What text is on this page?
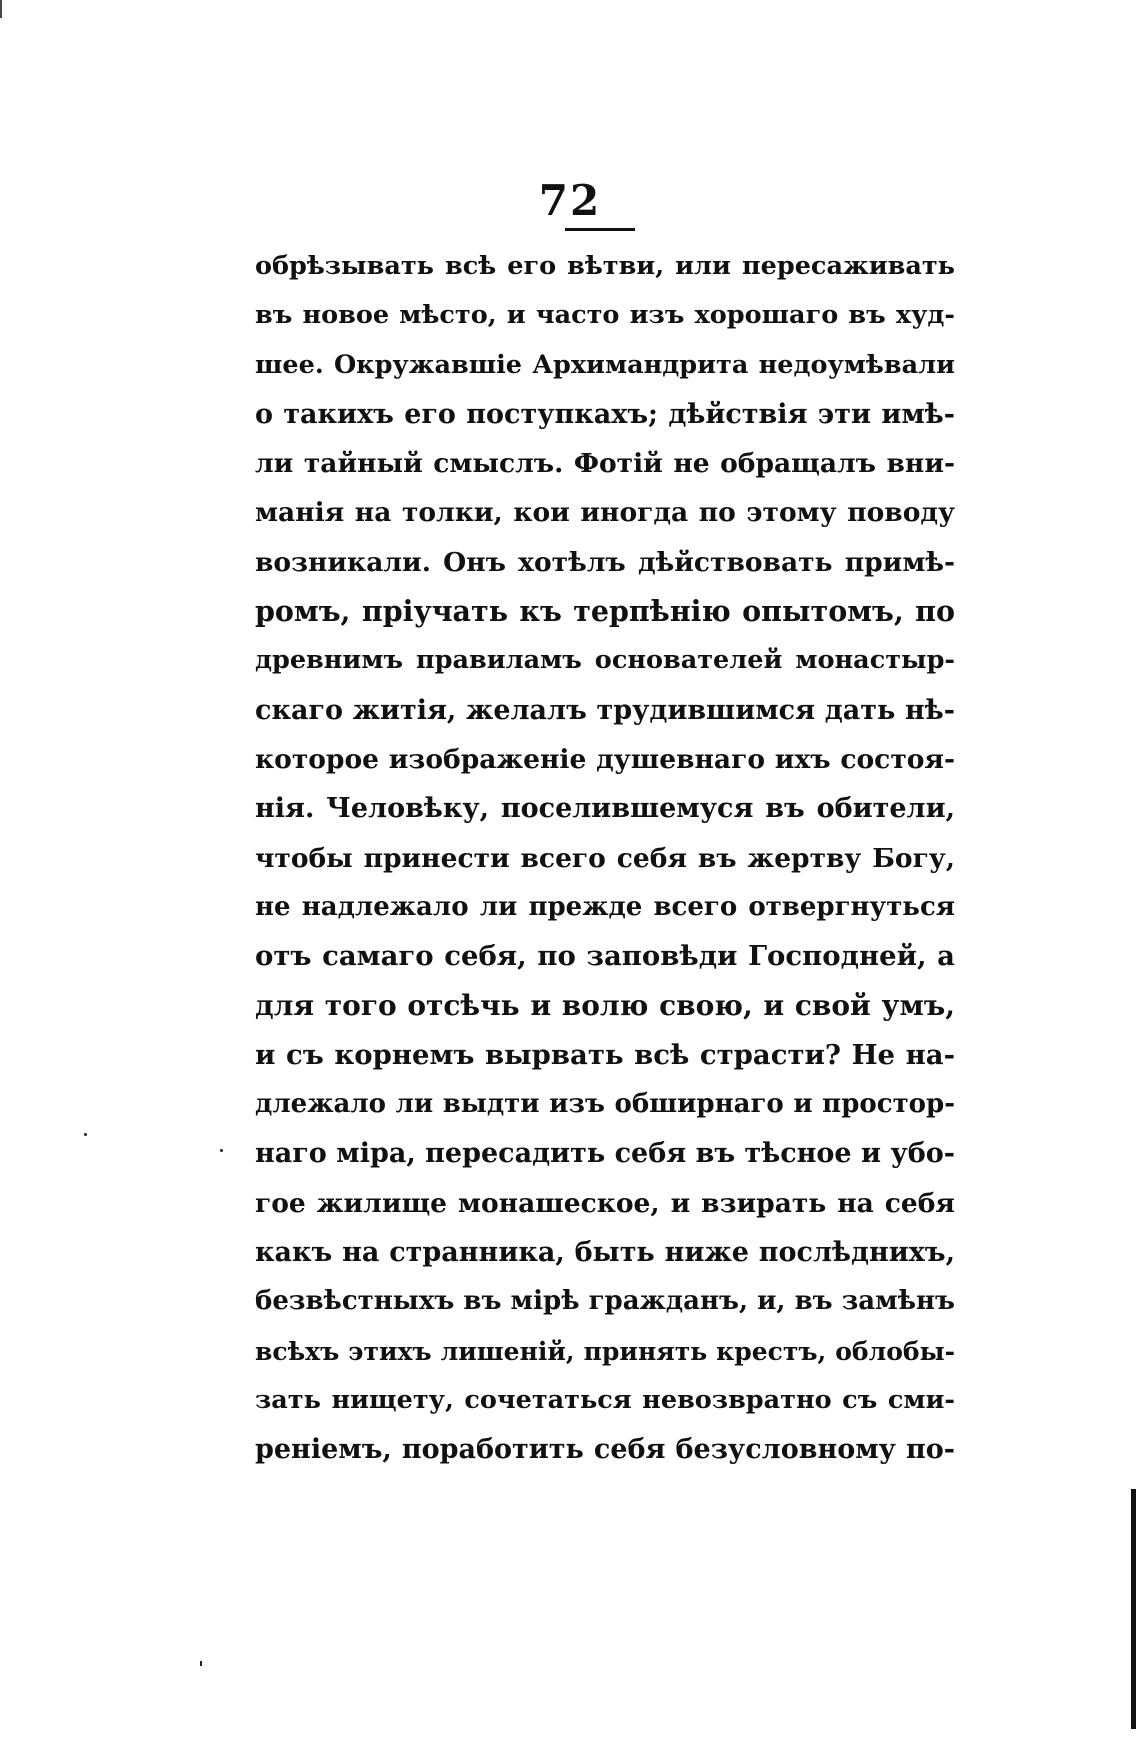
72
обрѣзывать всѣ его вѣтви, или пересаживать
въ новое мѣсто, и часто изъ хорошаго въ худ-
шее. Окружавшіе Архимандрита недоумѣвали
о такихъ его поступкахъ; дѣйствія эти имѣ-
ли тайный смыслъ. Фотій не обращалъ вни-
манія на толки, кои иногда по этому поводу
возникали. Онъ хотѣлъ дѣйствовать примѣ-
ромъ, пріучать къ терпѣнію опытомъ, по
древнимъ правиламъ основателей монастыр-
скаго житія, желалъ трудившимся дать нѣ-
которое изображеніе душевнаго ихъ состоя-
нія. Человѣку, поселившемуся въ обители,
чтобы принести всего себя въ жертву Богу,
не надлежало ли прежде всего отвергнуться
отъ самаго себя, по заповѣди Господней, а
для того отсѣчь и волю свою, и свой умъ,
и съ корнемъ вырвать всѣ страсти? Не на-
длежало ли выдти изъ обширнаго и простор-
наго міра, пересадить себя въ тѣсное и убо-
гое жилище монашеское, и взирать на себя
какъ на странника, быть ниже послѣднихъ,
безвѣстныхъ въ мірѣ гражданъ, и, въ замѣнъ
всѣхъ этихъ лишеній, принять крестъ, облобы-
зать нищету, сочетаться невозвратно съ сми-
реніемъ, поработить себя безусловному по-
